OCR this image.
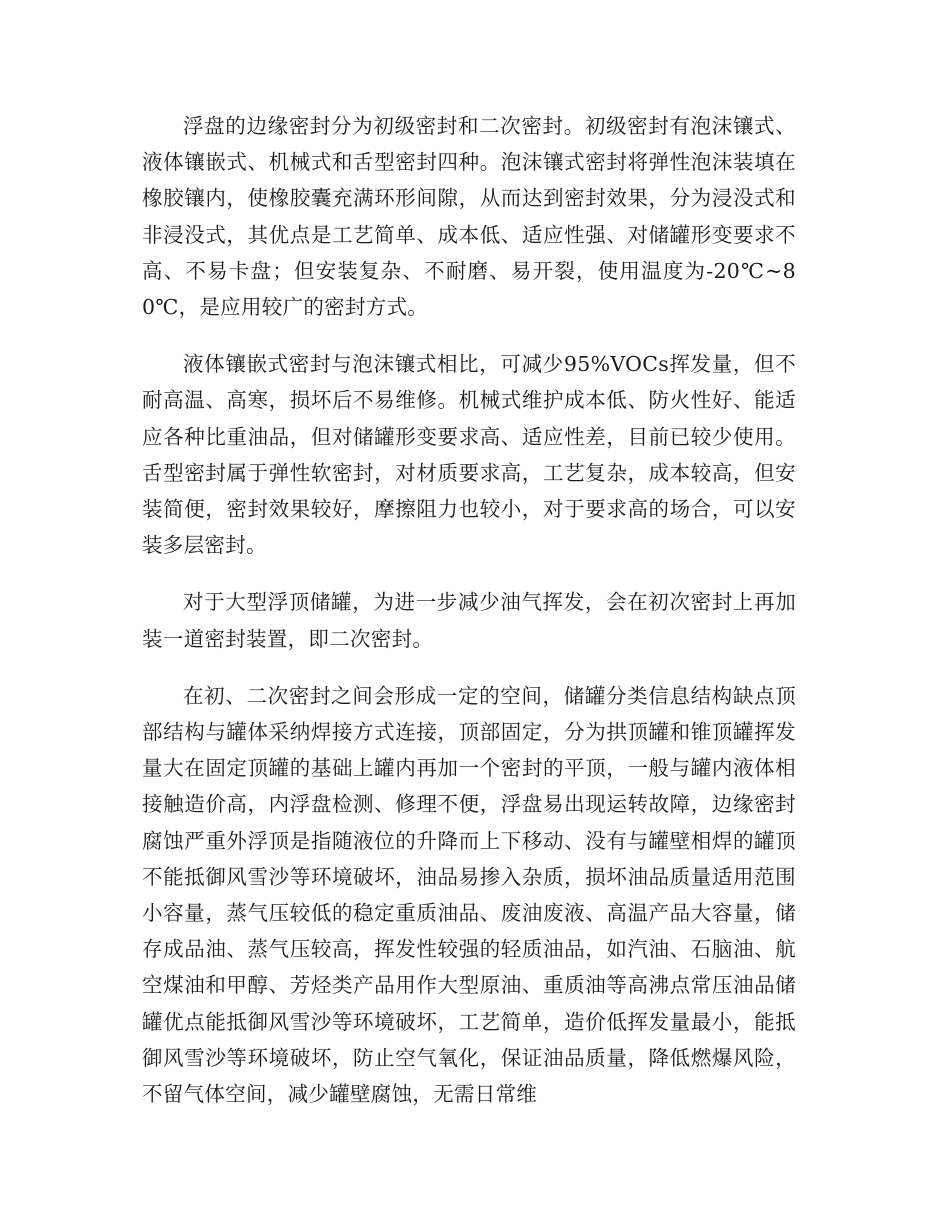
浮盘的边缘密封分为初级密封和二次密封。初级密封有泡沫镶式、液体镶嵌式、机械式和舌型密封四种。泡沫镶式密封将弹性泡沫装填在橡胶镶内，使橡胶囊充满环形间隙，从而达到密封效果，分为浸没式和非浸没式，其优点是工艺简单、成本低、适应性强、对储罐形变要求不高、不易卡盘；但安装复杂、不耐磨、易开裂，使用温度为-20℃~80℃，是应用较广的密封方式。

液体镶嵌式密封与泡沫镶式相比，可减少95%VOCs挥发量，但不耐高温、高寒，损坏后不易维修。机械式维护成本低、防火性好、能适应各种比重油品，但对储罐形变要求高、适应性差，目前已较少使用。舌型密封属于弹性软密封，对材质要求高，工艺复杂，成本较高，但安装简便，密封效果较好，摩擦阻力也较小，对于要求高的场合，可以安装多层密封。

对于大型浮顶储罐，为进一步减少油气挥发，会在初次密封上再加装一道密封装置，即二次密封。

在初、二次密封之间会形成一定的空间，储罐分类信息结构缺点顶部结构与罐体采纳焊接方式连接，顶部固定，分为拱顶罐和锥顶罐挥发量大在固定顶罐的基础上罐内再加一个密封的平顶，一般与罐内液体相接触造价高，内浮盘检测、修理不便，浮盘易出现运转故障，边缘密封腐蚀严重外浮顶是指随液位的升降而上下移动、没有与罐壁相焊的罐顶不能抵御风雪沙等环境破坏，油品易掺入杂质，损坏油品质量适用范围小容量，蒸气压较低的稳定重质油品、废油废液、高温产品大容量，储存成品油、蒸气压较高，挥发性较强的轻质油品，如汽油、石脑油、航空煤油和甲醇、芳烃类产品用作大型原油、重质油等高沸点常压油品储罐优点能抵御风雪沙等环境破坏，工艺简单，造价低挥发量最小，能抵御风雪沙等环境破坏，防止空气氧化，保证油品质量，降低燃爆风险，不留气体空间，减少罐壁腐蚀，无需日常维
